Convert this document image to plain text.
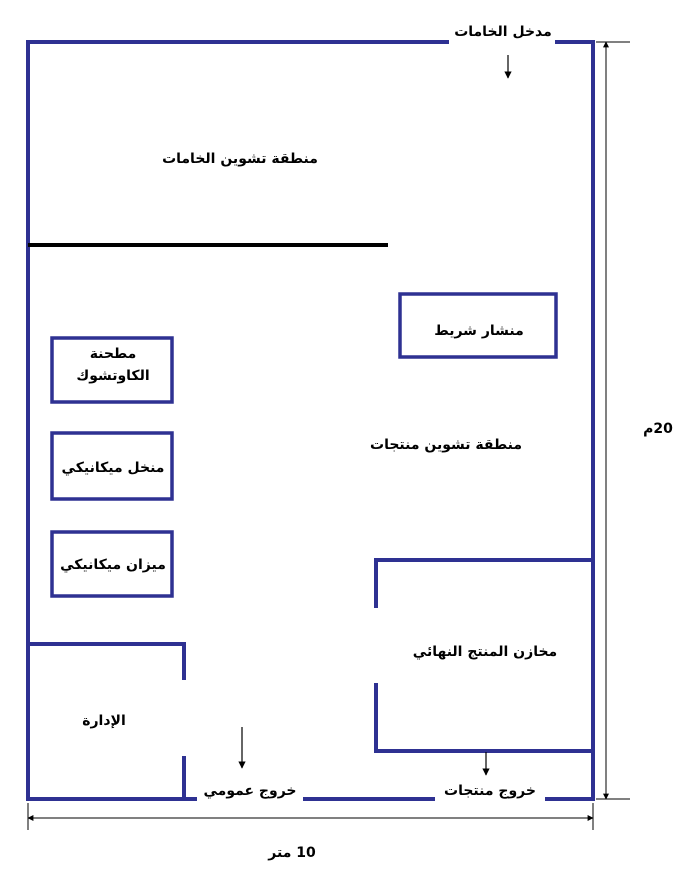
مدخل الخامات
منطقة تشوين الخامات
منشار شريط
مطحنة
الكاوتشوك
منطقة تشوين منتجات
منخل ميكانيكي
ميزان ميكانيكي
مخازن المنتج النهائي
الإدارة
خروج عمومي	خروج منتجات
10 متر
20م
